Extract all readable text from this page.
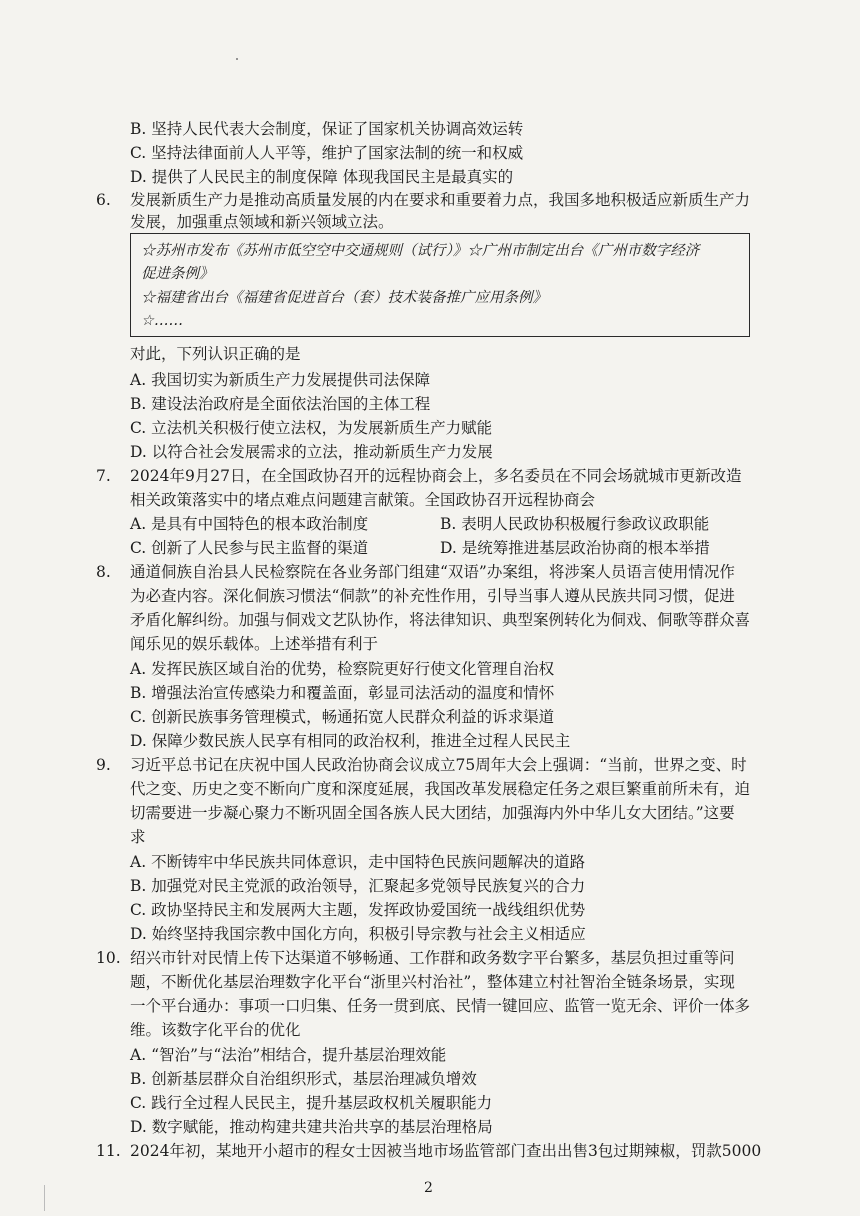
B. 坚持人民代表大会制度，保证了国家机关协调高效运转
C. 坚持法律面前人人平等，维护了国家法制的统一和权威
D. 提供了人民民主的制度保障 体现我国民主是最真实的
6. 发展新质生产力是推动高质量发展的内在要求和重要着力点，我国多地积极适应新质生产力
发展，加强重点领域和新兴领域立法。
☆苏州市发布《苏州市低空空中交通规则（试行）》☆广州市制定出台《广州市数字经济
促进条例》
☆福建省出台《福建省促进首台（套）技术装备推广应用条例》
☆……
对此，下列认识正确的是
A. 我国切实为新质生产力发展提供司法保障
B. 建设法治政府是全面依法治国的主体工程
C. 立法机关积极行使立法权，为发展新质生产力赋能
D. 以符合社会发展需求的立法，推动新质生产力发展
7. 2024年9月27日，在全国政协召开的远程协商会上，多名委员在不同会场就城市更新改造
相关政策落实中的堵点难点问题建言献策。全国政协召开远程协商会
A. 是具有中国特色的根本政治制度	B. 表明人民政协积极履行参政议政职能
C. 创新了人民参与民主监督的渠道	D. 是统筹推进基层政治协商的根本举措
8. 通道侗族自治县人民检察院在各业务部门组建“双语”办案组，将涉案人员语言使用情况作
为必查内容。深化侗族习惯法“侗款”的补充性作用，引导当事人遵从民族共同习惯，促进
矛盾化解纠纷。加强与侗戏文艺队协作，将法律知识、典型案例转化为侗戏、侗歌等群众喜
闻乐见的娱乐载体。上述举措有利于
A. 发挥民族区域自治的优势，检察院更好行使文化管理自治权
B. 增强法治宣传感染力和覆盖面，彰显司法活动的温度和情怀
C. 创新民族事务管理模式，畅通拓宽人民群众利益的诉求渠道
D. 保障少数民族人民享有相同的政治权利，推进全过程人民民主
9. 习近平总书记在庆祝中国人民政治协商会议成立75周年大会上强调：“当前，世界之变、时
代之变、历史之变不断向广度和深度延展，我国改革发展稳定任务之艰巨繁重前所未有，迫
切需要进一步凝心聚力不断巩固全国各族人民大团结，加强海内外中华儿女大团结。”这要
求
A. 不断铸牢中华民族共同体意识，走中国特色民族问题解决的道路
B. 加强党对民主党派的政治领导，汇聚起多党领导民族复兴的合力
C. 政协坚持民主和发展两大主题，发挥政协爱国统一战线组织优势
D. 始终坚持我国宗教中国化方向，积极引导宗教与社会主义相适应
10. 绍兴市针对民情上传下达渠道不够畅通、工作群和政务数字平台繁多，基层负担过重等问
题，不断优化基层治理数字化平台“浙里兴村治社”，整体建立村社智治全链条场景，实现
一个平台通办：事项一口归集、任务一贯到底、民情一键回应、监管一览无余、评价一体多
维。该数字化平台的优化
A. “智治”与“法治”相结合，提升基层治理效能
B. 创新基层群众自治组织形式，基层治理减负增效
C. 践行全过程人民民主，提升基层政权机关履职能力
D. 数字赋能，推动构建共建共治共享的基层治理格局
11. 2024年初，某地开小超市的程女士因被当地市场监管部门查出出售3包过期辣椒，罚款5000
2
